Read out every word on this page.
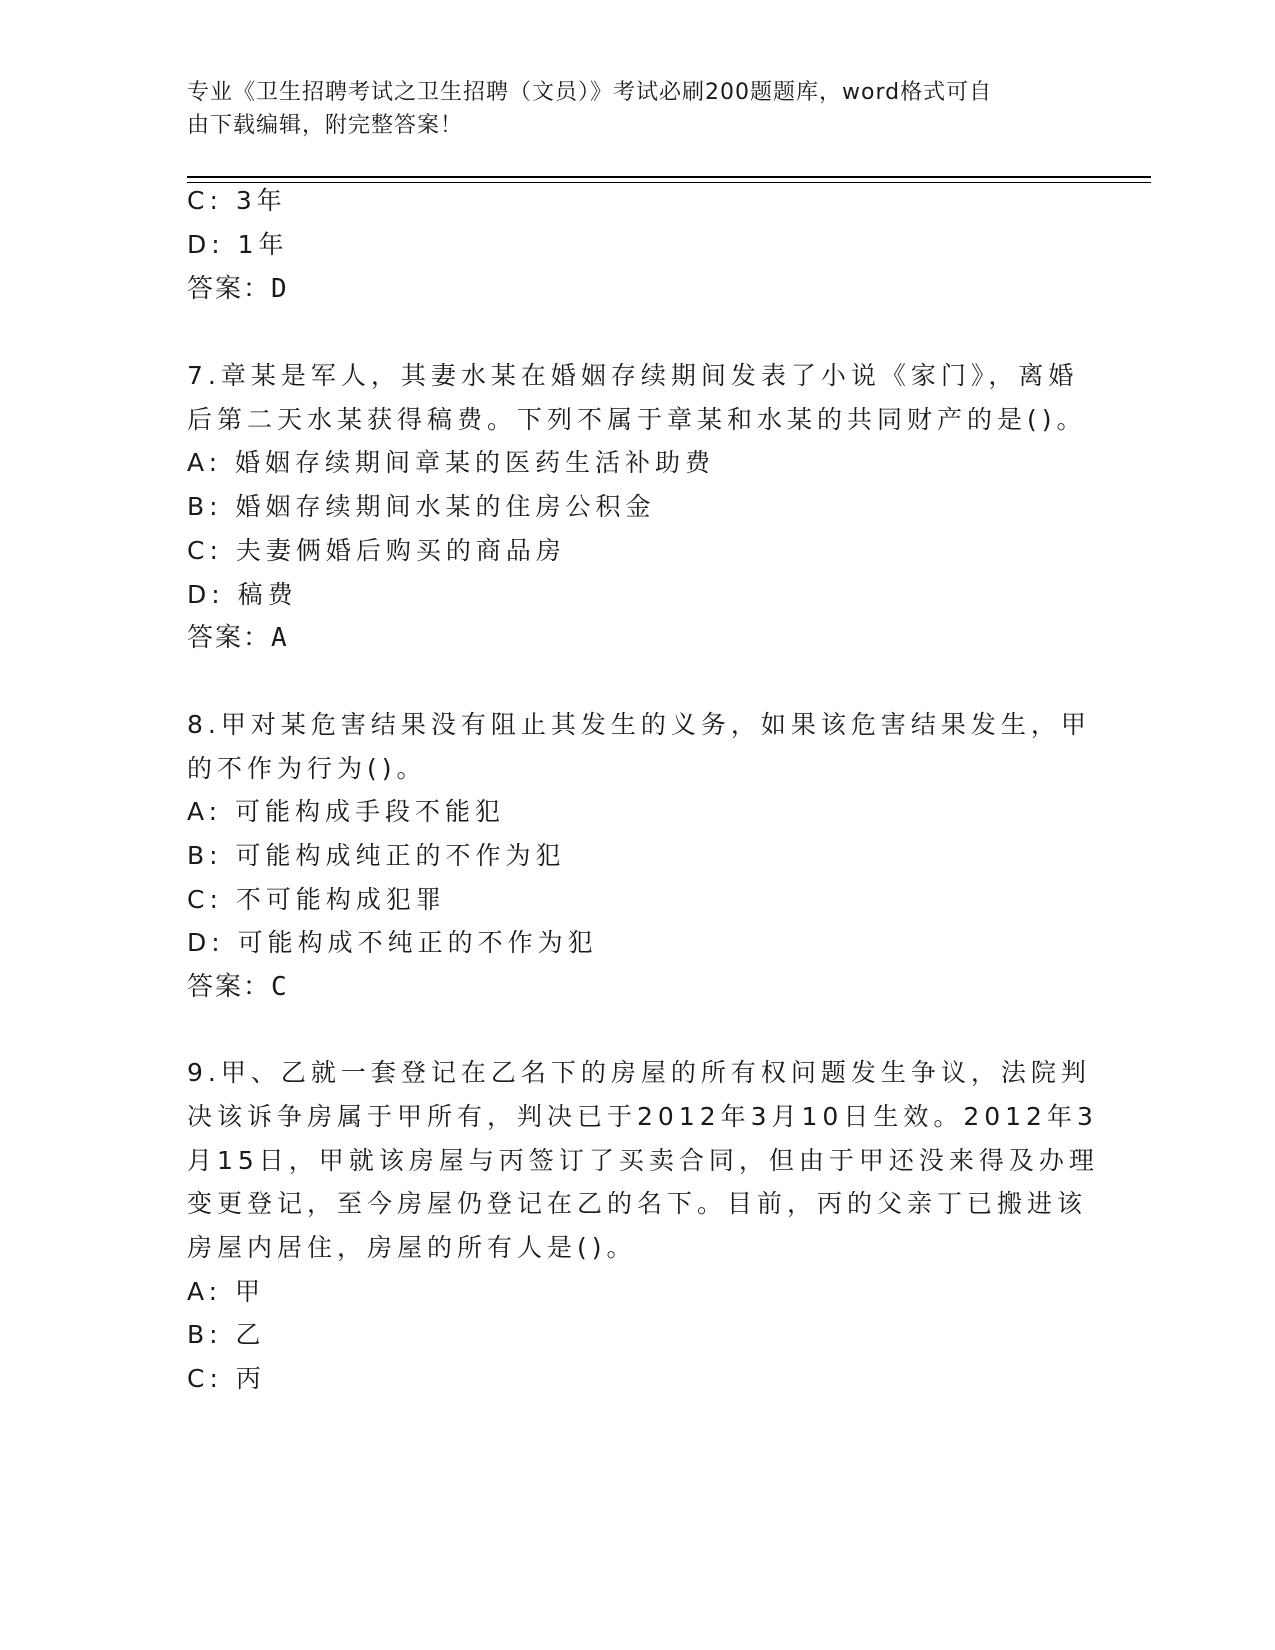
专业《卫生招聘考试之卫生招聘（文员）》考试必刷200题题库，word格式可自
由下载编辑，附完整答案！
C: 3年
D: 1年
答案：D
7.章某是军人，其妻水某在婚姻存续期间发表了小说《家门》，离婚
后第二天水某获得稿费。下列不属于章某和水某的共同财产的是()。
A: 婚姻存续期间章某的医药生活补助费
B: 婚姻存续期间水某的住房公积金
C: 夫妻俩婚后购买的商品房
D: 稿费
答案：A
8.甲对某危害结果没有阻止其发生的义务，如果该危害结果发生，甲
的不作为行为()。
A: 可能构成手段不能犯
B: 可能构成纯正的不作为犯
C: 不可能构成犯罪
D: 可能构成不纯正的不作为犯
答案：C
9.甲、乙就一套登记在乙名下的房屋的所有权问题发生争议，法院判
决该诉争房属于甲所有，判决已于2012年3月10日生效。2012年3
月15日，甲就该房屋与丙签订了买卖合同，但由于甲还没来得及办理
变更登记，至今房屋仍登记在乙的名下。目前，丙的父亲丁已搬进该
房屋内居住，房屋的所有人是()。
A: 甲
B: 乙
C: 丙
